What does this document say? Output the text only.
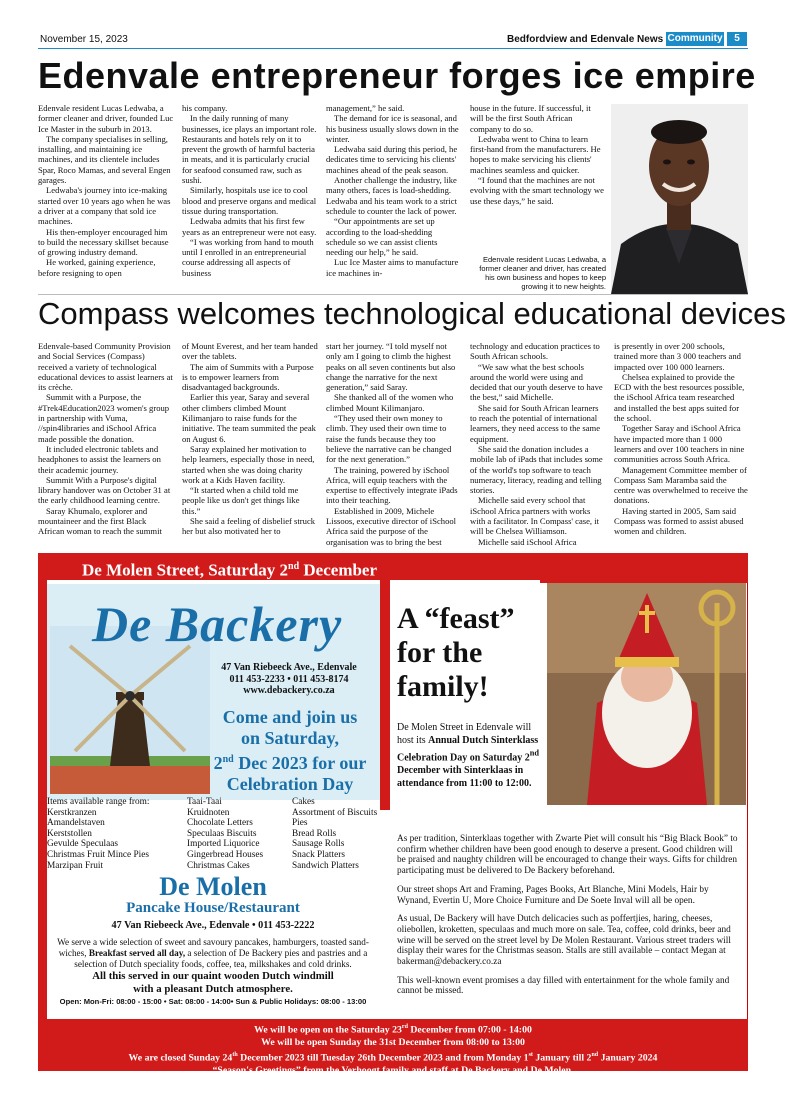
November 15, 2023	Bedfordview and Edenvale News Community	5
Edenvale entrepreneur forges ice empire

Edenvale resident Lucas Ledwaba, a former cleaner and driver, founded Luc Ice Master in the suburb in 2013.

The company specialises in selling, installing, and maintaining ice machines, and its clientele includes Spar, Roco Mamas, and several Engen garages.

Ledwaba's journey into ice-making started over 10 years ago when he was a driver at a company that sold ice machines.

His then-employer encouraged him to build the necessary skillset because of growing industry demand.

He worked, gaining experience, before resigning to open

his company.

In the daily running of many businesses, ice plays an important role. Restaurants and hotels rely on it to prevent the growth of harmful bacteria in meats, and it is particularly crucial for seafood consumed raw, such as sushi.

Similarly, hospitals use ice to cool blood and preserve organs and medical tissue during transportation.

Ledwaba admits that his first few years as an entrepreneur were not easy.

“I was working from hand to mouth until I enrolled in an entrepreneurial course addressing all aspects of business

management,” he said.

The demand for ice is seasonal, and his business usually slows down in the winter.

Ledwaba said during this period, he dedicates time to servicing his clients' machines ahead of the peak season.

Another challenge the industry, like many others, faces is load-shedding. Ledwaba and his team work to a strict schedule to counter the lack of power.

“Our appointments are set up according to the load-shedding schedule so we can assist clients needing our help,” he said.

Luc Ice Master aims to manufacture ice machines in-

house in the future. If successful, it will be the first South African company to do so.

Ledwaba went to China to learn first-hand from the manufacturers. He hopes to make servicing his clients' machines seamless and quicker.

“I found that the machines are not evolving with the smart technology we use these days,” he said.

Edenvale resident Lucas Ledwaba, a former cleaner and driver, has created his own business and hopes to keep growing it to new heights.
Compass welcomes technological educational devices

Edenvale-based Community Provision and Social Services (Compass) received a variety of technological educational devices to assist learners at its crèche.

Summit with a Purpose, the #Trek4Education2023 women's group in partnership with Vuma, //spin4libraries and iSchool Africa made possible the donation.

It included electronic tablets and headphones to assist the learners on their academic journey.

Summit With a Purpose's digital library handover was on October 31 at the early childhood learning centre.

Saray Khumalo, explorer and mountaineer and the first Black African woman to reach the summit

of Mount Everest, and her team handed over the tablets.

The aim of Summits with a Purpose is to empower learners from disadvantaged backgrounds.

Earlier this year, Saray and several other climbers climbed Mount Kilimanjaro to raise funds for the initiative. The team summited the peak on August 6.

Saray explained her motivation to help learners, especially those in need, started when she was doing charity work at a Kids Haven facility.

“It started when a child told me people like us don't get things like this.”

She said a feeling of disbelief struck her but also motivated her to

start her journey. “I told myself not only am I going to climb the highest peaks on all seven continents but also change the narrative for the next generation,” said Saray.

She thanked all of the women who climbed Mount Kilimanjaro.

“They used their own money to climb. They used their own time to raise the funds because they too believe the narrative can be changed for the next generation.”

The training, powered by iSchool Africa, will equip teachers with the expertise to effectively integrate iPads into their teaching.

Established in 2009, Michele Lissoos, executive director of iSchool Africa said the purpose of the organisation was to bring the best

technology and education practices to South African schools.

“We saw what the best schools around the world were using and decided that our youth deserve to have the best,” said Michelle.

She said for South African learners to reach the potential of international learners, they need access to the same equipment.

She said the donation includes a mobile lab of iPads that includes some of the world's top software to teach numeracy, literacy, reading and telling stories.

Michelle said every school that iSchool Africa partners with works with a facilitator. In Compass' case, it will be Chelsea Williamson.

Michelle said iSchool Africa

is presently in over 200 schools, trained more than 3 000 teachers and impacted over 100 000 learners.

Chelsea explained to provide the ECD with the best resources possible, the iSchool Africa team researched and installed the best apps suited for the school.

Together Saray and iSchool Africa have impacted more than 1 000 learners and over 100 teachers in nine communities across South Africa.

Management Committee member of Compass Sam Maramba said the centre was overwhelmed to receive the donations.

Having started in 2005, Sam said Compass was formed to assist abused women and children.

De Molen Street, Saturday 2nd December
De Backery
47 Van Riebeeck Ave., Edenvale
011 453-2233 • 011 453-8174
www.debackery.co.za
Come and join us
on Saturday,
2nd Dec 2023 for our
Celebration Day
A “feast” for the family!
De Molen Street in Edenvale will host its Annual Dutch Sinterklass Celebration Day on Saturday 2nd December with Sinterklaas in attendance from 11:00 to 12:00.
Items available range from:
Kerstkranzen
Amandelstaven
Kerststollen
Gevulde Speculaas
Christmas Fruit Mince Pies
Marzipan Fruit
Taai-Taai
Kruidnoten
Chocolate Letters
Speculaas Biscuits
Imported Liquorice
Gingerbread Houses
Christmas Cakes
Cakes
Assortment of Biscuits
Pies
Bread Rolls
Sausage Rolls
Snack Platters
Sandwich Platters
De Molen
Pancake House/Restaurant
47 Van Riebeeck Ave., Edenvale • 011 453-2222
We serve a wide selection of sweet and savoury pancakes, hamburgers, toasted sand-wiches, Breakfast served all day, a selection of De Backery pies and pastries and a selection of Dutch speciality foods, coffee, tea, milkshakes and cold drinks.
All this served in our quaint wooden Dutch windmill
with a pleasant Dutch atmosphere.
Open: Mon-Fri: 08:00 - 15:00 • Sat: 08:00 - 14:00• Sun & Public Holidays: 08:00 - 13:00

As per tradition, Sinterklaas together with Zwarte Piet will consult his “Big Black Book” to confirm whether children have been good enough to deserve a present. Good children will be praised and naughty children will be encouraged to change their ways. Gifts for children participating must be delivered to De Backery beforehand.

Our street shops Art and Framing, Pages Books, Art Blanche, Mini Models, Hair by Wynand, Evertin U, More Choice Furniture and De Soete Inval will all be open.

As usual, De Backery will have Dutch delicacies such as poffertjies, haring, cheeses, oliebollen, kroketten, speculaas and much more on sale. Tea, coffee, cold drinks, beer and wine will be served on the street level by De Molen Restaurant. Various street traders will display their wares for the Christmas season. Stalls are still available – contact Megan at bakerman@debackery.co.za

This well-known event promises a day filled with entertainment for the whole family and cannot be missed.

We will be open on the Saturday 23rd December from 07:00 - 14:00
We will be open Sunday the 31st December from 08:00 to 13:00
We are closed Sunday 24th December 2023 till Tuesday 26th December 2023 and from Monday 1st January till 2nd January 2024
“Season's Greetings” from the Verhoogt family and staff at De Backery and De Molen.
